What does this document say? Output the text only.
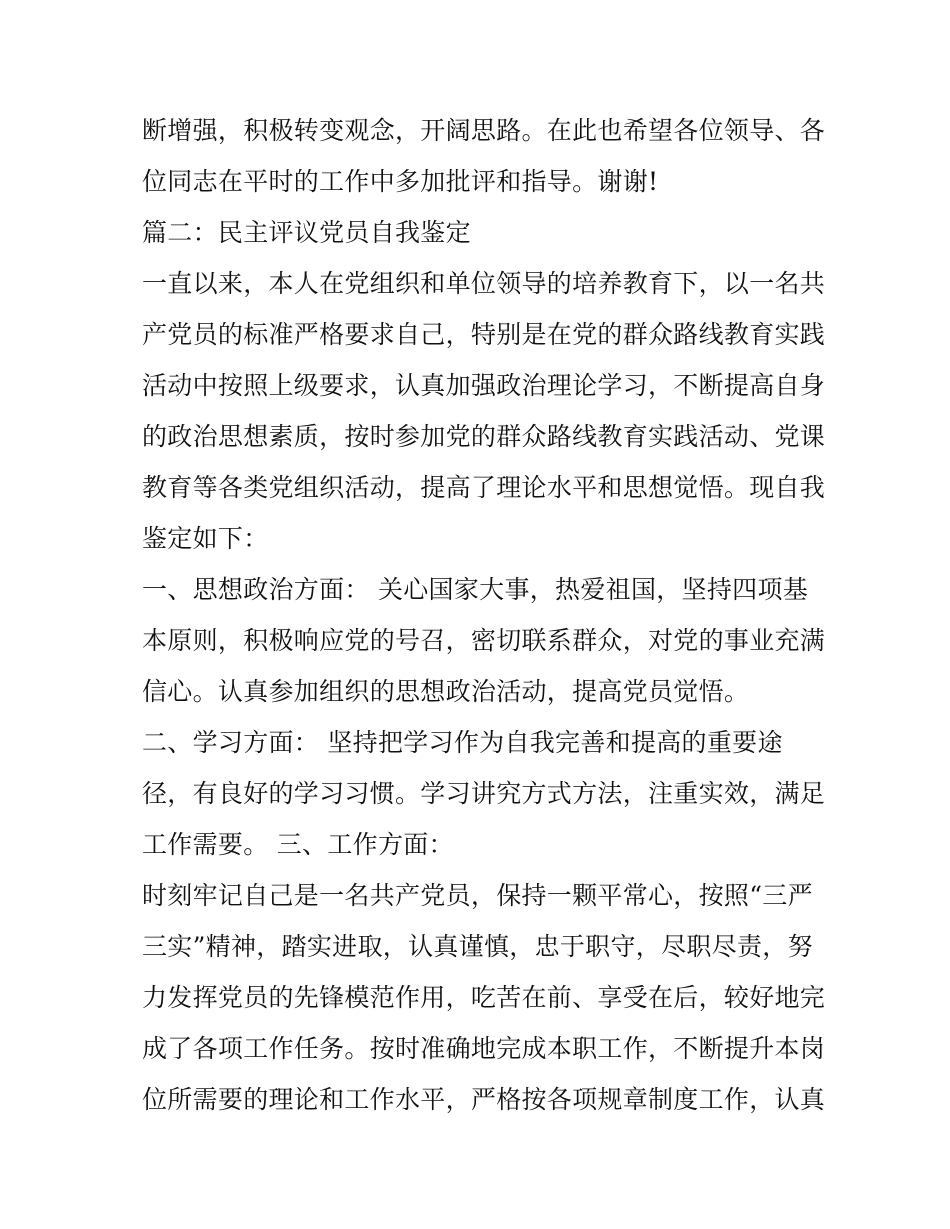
断增强，积极转变观念，开阔思路。在此也希望各位领导、各
位同志在平时的工作中多加批评和指导。谢谢!
篇二：民主评议党员自我鉴定
一直以来，本人在党组织和单位领导的培养教育下，以一名共
产党员的标准严格要求自己，特别是在党的群众路线教育实践
活动中按照上级要求，认真加强政治理论学习，不断提高自身
的政治思想素质，按时参加党的群众路线教育实践活动、党课
教育等各类党组织活动，提高了理论水平和思想觉悟。现自我
鉴定如下：
一、思想政治方面： 关心国家大事，热爱祖国，坚持四项基
本原则，积极响应党的号召，密切联系群众，对党的事业充满
信心。认真参加组织的思想政治活动，提高党员觉悟。
二、学习方面： 坚持把学习作为自我完善和提高的重要途
径，有良好的学习习惯。学习讲究方式方法，注重实效，满足
工作需要。 三、工作方面：
时刻牢记自己是一名共产党员，保持一颗平常心，按照“三严
三实”精神，踏实进取，认真谨慎，忠于职守，尽职尽责，努
力发挥党员的先锋模范作用，吃苦在前、享受在后，较好地完
成了各项工作任务。按时准确地完成本职工作，不断提升本岗
位所需要的理论和工作水平，严格按各项规章制度工作，认真
